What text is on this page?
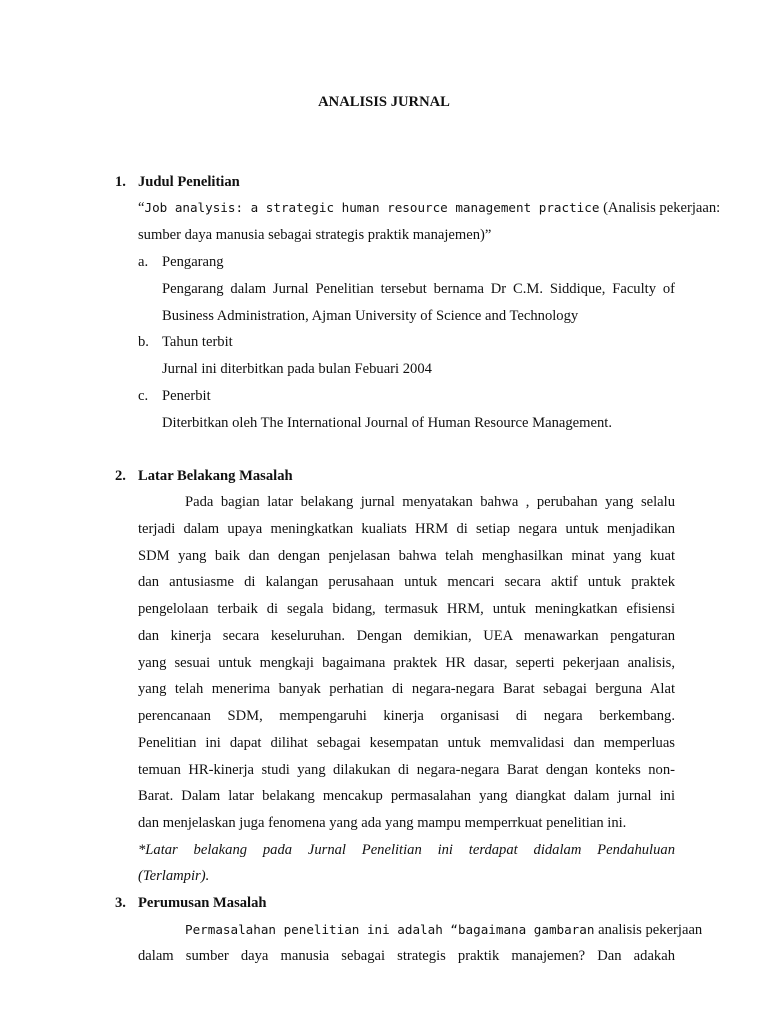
ANALISIS JURNAL
1. Judul Penelitian
“Job analysis: a strategic human resource management practice (Analisis pekerjaan:
sumber daya manusia sebagai strategis praktik manajemen)”
a. Pengarang
Pengarang dalam Jurnal Penelitian tersebut bernama Dr C.M. Siddique, Faculty of
Business Administration, Ajman University of Science and Technology
b. Tahun terbit
Jurnal ini diterbitkan pada bulan Febuari 2004
c. Penerbit
Diterbitkan oleh The International Journal of Human Resource Management.
2. Latar Belakang Masalah
Pada bagian latar belakang jurnal menyatakan bahwa , perubahan yang selalu
terjadi dalam upaya meningkatkan kualiats HRM di setiap negara untuk menjadikan
SDM yang baik dan dengan penjelasan bahwa telah menghasilkan minat yang kuat
dan antusiasme di kalangan perusahaan untuk mencari secara aktif untuk praktek
pengelolaan terbaik di segala bidang, termasuk HRM, untuk meningkatkan efisiensi
dan kinerja secara keseluruhan. Dengan demikian, UEA menawarkan pengaturan
yang sesuai untuk mengkaji bagaimana praktek HR dasar, seperti pekerjaan analisis,
yang telah menerima banyak perhatian di negara-negara Barat sebagai berguna Alat
perencanaan SDM, mempengaruhi kinerja organisasi di negara berkembang.
Penelitian ini dapat dilihat sebagai kesempatan untuk memvalidasi dan memperluas
temuan HR-kinerja studi yang dilakukan di negara-negara Barat dengan konteks non-
Barat. Dalam latar belakang mencakup permasalahan yang diangkat dalam jurnal ini
dan menjelaskan juga fenomena yang ada yang mampu memperrkuat penelitian ini.
*Latar belakang pada Jurnal Penelitian ini terdapat didalam Pendahuluan
(Terlampir).
3. Perumusan Masalah
Permasalahan penelitian ini adalah “bagaimana gambaran analisis pekerjaan
dalam sumber daya manusia sebagai strategis praktik manajemen? Dan adakah
